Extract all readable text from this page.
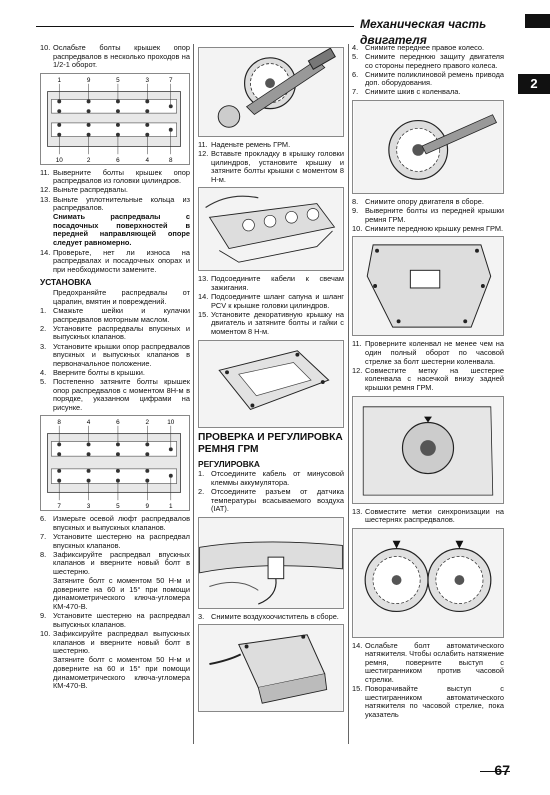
Механическая часть двигателя
2
10. Ослабьте болты крышек опор распредвалов в несколько проходов на 1/2-1 оборот.
1	9	5	3	7
10	2	6	4	8
11. Выверните болты крышек опор распредвалов из головки цилиндров.
12. Выньте распредвалы.
13. Выньте уплотнительные кольца из распредвалов.
Снимать распредвалы с посадочных поверхностей в передней направляющей опоре следует равномерно.
14. Проверьте, нет ли износа на распредвалах и посадочных опорах и при необходимости замените.
УСТАНОВКА
Предохраняйте распредвалы от царапин, вмятин и повреждений.
1. Смажьте шейки и кулачки распредвалов моторным маслом.
2. Установите распредвалы впускных и выпускных клапанов.
3. Установите крышки опор распредвалов впускных и выпускных клапанов в первоначальное положение.
4. Вверните болты в крышки.
5. Постепенно затяните болты крышек опор распредвалов с моментом 8Н-м в порядке, указанном цифрами на рисунке.
8	4	6	2	10
7	3	5	9	1
6. Измерьте осевой люфт распредвалов впускных и выпускных клапанов.
7. Установите шестерню на распредвал впускных клапанов.
8. Зафиксируйте распредвал впускных клапанов и вверните новый болт в шестерню.
Затяните болт с моментом 50 Н-м и доверните на 60 и 15° при помощи динамометрического ключа-угломера КМ-470-В.
9. Установите шестерню на распредвал выпускных клапанов.
10. Зафиксируйте распредвал выпускных клапанов и вверните новый болт в шестерню.
Затяните болт с моментом 50 Н-м и доверните на 60 и 15° при помощи динамометрического ключа-угломера КМ-470-В.
11. Наденьте ремень ГРМ.
12. Вставьте прокладку в крышку головки цилиндров, установите крышку и затяните болты крышки с моментом 8 Н-м.
13. Подсоедините кабели к свечам зажигания.
14. Подсоедините шланг сапуна и шланг PCV к крышке головки цилиндров.
15. Установите декоративную крышку на двигатель и затяните болты и гайки с моментом 8 Н-м.
ПРОВЕРКА И РЕГУЛИРОВКА РЕМНЯ ГРМ
РЕГУЛИРОВКА
1. Отсоедините кабель от минусовой клеммы аккумулятора.
2. Отсоедините разъем от датчика температуры всасываемого воздуха (IAT).
3. Снимите воздухоочиститель в сборе.
4. Снимите переднее правое колесо.
5. Снимите переднюю защиту двигателя со стороны переднего правого колеса.
6. Снимите поликлиновой ремень привода доп. оборудования.
7. Снимите шкив с коленвала.
8. Снимите опору двигателя в сборе.
9. Выверните болты из передней крышки ремня ГРМ.
10. Снимите переднюю крышку ремня ГРМ.
11. Проверните коленвал не менее чем на один полный оборот по часовой стрелке за болт шестерни коленвала.
12. Совместите метку на шестерне коленвала с насечкой внизу задней крышки ремня ГРМ.
13. Совместите метки синхронизации на шестернях распредвалов.
14. Ослабьте болт автоматического натяжителя. Чтобы ослабить натяжение ремня, поверните выступ с шестигранником против часовой стрелки.
15. Поворачивайте выступ с шестигранником автоматического натяжителя по часовой стрелке, пока указатель
67
